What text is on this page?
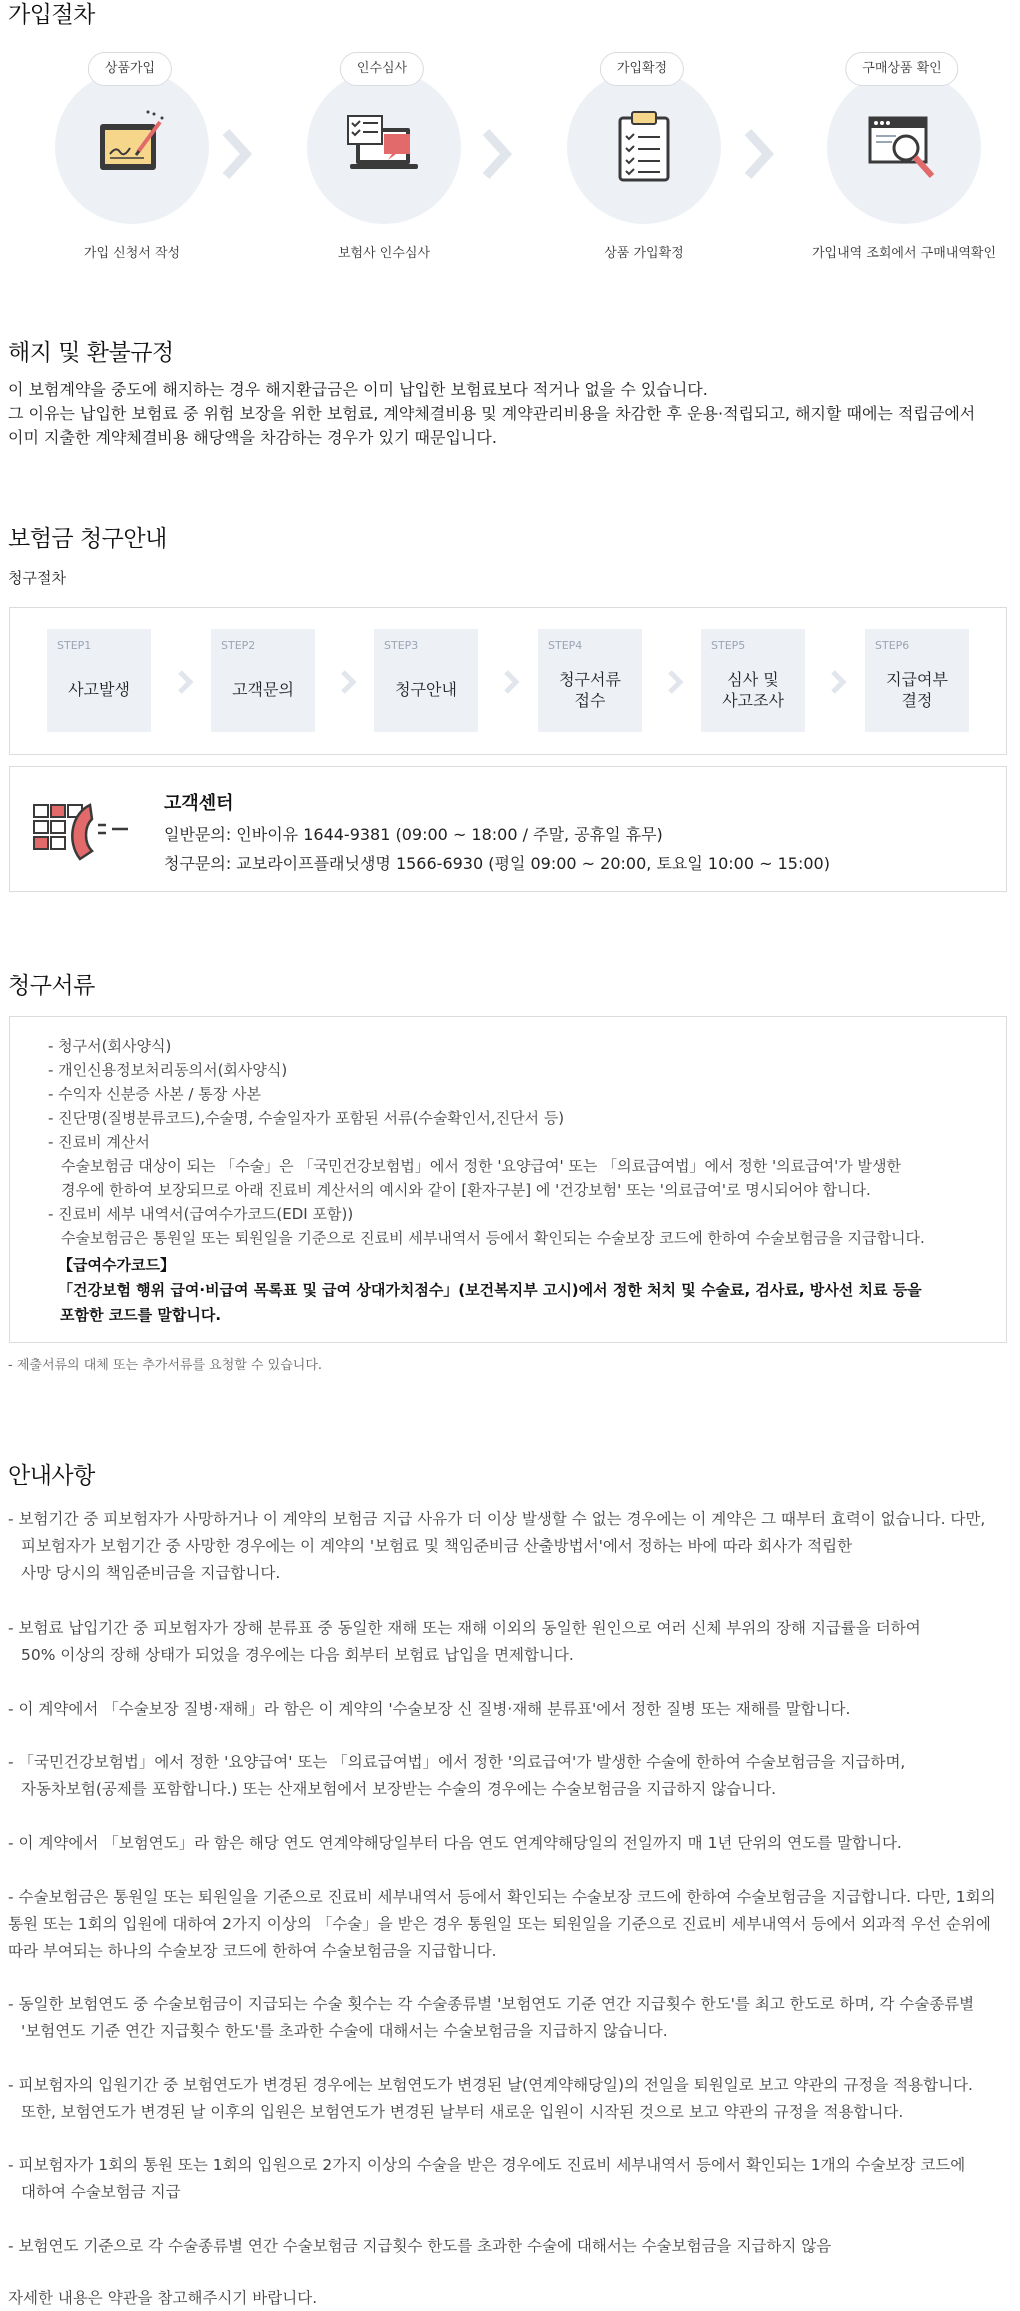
가입절차
상품가입
가입 신청서 작성
인수심사
보험사 인수심사
가입확정
상품 가입확정
구매상품 확인
가입내역 조회에서 구매내역확인
해지 및 환불규정
이 보험계약을 중도에 해지하는 경우 해지환급금은 이미 납입한 보험료보다 적거나 없을 수 있습니다.
그 이유는 납입한 보험료 중 위험 보장을 위한 보험료, 계약체결비용 및 계약관리비용을 차감한 후 운용·적립되고, 해지할 때에는 적립금에서
이미 지출한 계약체결비용 해당액을 차감하는 경우가 있기 때문입니다.
보험금 청구안내
청구절차
STEP1
사고발생
STEP2
고객문의
STEP3
청구안내
STEP4
청구서류
접수
STEP5
심사 및
사고조사
STEP6
지급여부
결정
고객센터
일반문의: 인바이유 1644-9381 (09:00 ~ 18:00 / 주말, 공휴일 휴무)
청구문의: 교보라이프플래닛생명 1566-6930 (평일 09:00 ~ 20:00, 토요일 10:00 ~ 15:00)
청구서류
- 청구서(회사양식)
- 개인신용정보처리동의서(회사양식)
- 수익자 신분증 사본 / 통장 사본
- 진단명(질병분류코드),수술명, 수술일자가 포함된 서류(수술확인서,진단서 등)
- 진료비 계산서
수술보험금 대상이 되는 「수술」은 「국민건강보험법」에서 정한 '요양급여' 또는 「의료급여법」에서 정한 '의료급여'가 발생한
경우에 한하여 보장되므로 아래 진료비 계산서의 예시와 같이 [환자구분] 에 '건강보험' 또는 '의료급여'로 명시되어야 합니다.
- 진료비 세부 내역서(급여수가코드(EDI 포함))
수술보험금은 통원일 또는 퇴원일을 기준으로 진료비 세부내역서 등에서 확인되는 수술보장 코드에 한하여 수술보험금을 지급합니다.
【급여수가코드】
「건강보험 행위 급여·비급여 목록표 및 급여 상대가치점수」(보건복지부 고시)에서 정한 처치 및 수술료, 검사료, 방사선 치료 등을
포함한 코드를 말합니다.
- 제출서류의 대체 또는 추가서류를 요청할 수 있습니다.
안내사항
- 보험기간 중 피보험자가 사망하거나 이 계약의 보험금 지급 사유가 더 이상 발생할 수 없는 경우에는 이 계약은 그 때부터 효력이 없습니다. 다만,
피보험자가 보험기간 중 사망한 경우에는 이 계약의 '보험료 및 책임준비금 산출방법서'에서 정하는 바에 따라 회사가 적립한
사망 당시의 책임준비금을 지급합니다.
- 보험료 납입기간 중 피보험자가 장해 분류표 중 동일한 재해 또는 재해 이외의 동일한 원인으로 여러 신체 부위의 장해 지급률을 더하여
50% 이상의 장해 상태가 되었을 경우에는 다음 회부터 보험료 납입을 면제합니다.
- 이 계약에서 「수술보장 질병·재해」라 함은 이 계약의 '수술보장 신 질병·재해 분류표'에서 정한 질병 또는 재해를 말합니다.
- 「국민건강보험법」에서 정한 '요양급여' 또는 「의료급여법」에서 정한 '의료급여'가 발생한 수술에 한하여 수술보험금을 지급하며,
자동차보험(공제를 포함합니다.) 또는 산재보험에서 보장받는 수술의 경우에는 수술보험금을 지급하지 않습니다.
- 이 계약에서 「보험연도」라 함은 해당 연도 연계약해당일부터 다음 연도 연계약해당일의 전일까지 매 1년 단위의 연도를 말합니다.
- 수술보험금은 통원일 또는 퇴원일을 기준으로 진료비 세부내역서 등에서 확인되는 수술보장 코드에 한하여 수술보험금을 지급합니다. 다만, 1회의
통원 또는 1회의 입원에 대하여 2가지 이상의 「수술」을 받은 경우 통원일 또는 퇴원일을 기준으로 진료비 세부내역서 등에서 외과적 우선 순위에
따라 부여되는 하나의 수술보장 코드에 한하여 수술보험금을 지급합니다.
- 동일한 보험연도 중 수술보험금이 지급되는 수술 횟수는 각 수술종류별 '보험연도 기준 연간 지급횟수 한도'를 최고 한도로 하며, 각 수술종류별
'보험연도 기준 연간 지급횟수 한도'를 초과한 수술에 대해서는 수술보험금을 지급하지 않습니다.
- 피보험자의 입원기간 중 보험연도가 변경된 경우에는 보험연도가 변경된 날(연계약해당일)의 전일을 퇴원일로 보고 약관의 규정을 적용합니다.
또한, 보험연도가 변경된 날 이후의 입원은 보험연도가 변경된 날부터 새로운 입원이 시작된 것으로 보고 약관의 규정을 적용합니다.
- 피보험자가 1회의 통원 또는 1회의 입원으로 2가지 이상의 수술을 받은 경우에도 진료비 세부내역서 등에서 확인되는 1개의 수술보장 코드에
대하여 수술보험금 지급
- 보험연도 기준으로 각 수술종류별 연간 수술보험금 지급횟수 한도를 초과한 수술에 대해서는 수술보험금을 지급하지 않음
자세한 내용은 약관을 참고해주시기 바랍니다.
